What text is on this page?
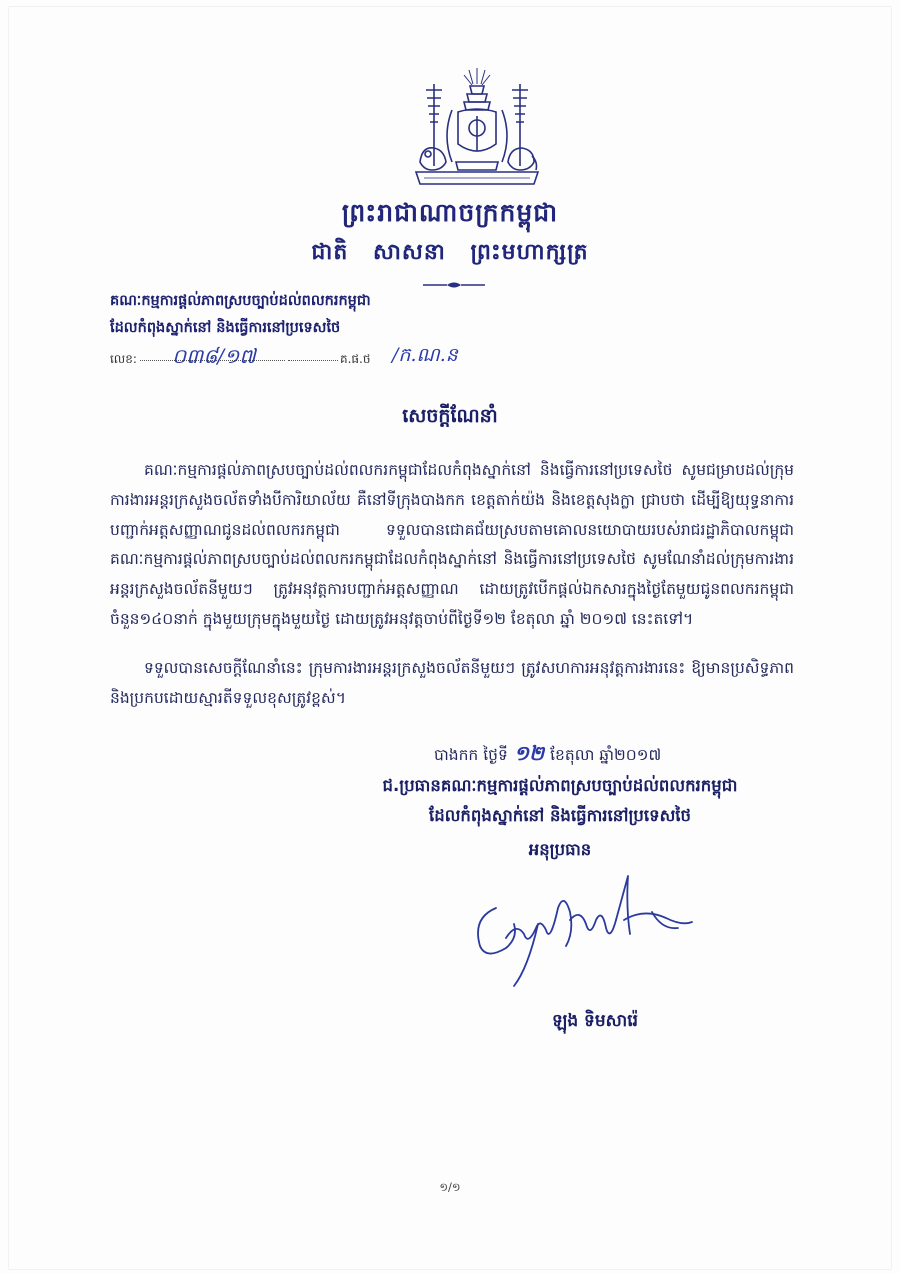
ព្រះរាជាណាចក្រកម្ពុជា
ជាតិ សាសនា ព្រះមហាក្សត្រ
គណៈកម្មការផ្ដល់ភាពស្របច្បាប់ដល់ពលករកម្ពុជា
ដែលកំពុងស្នាក់នៅ និងធ្វើការនៅប្រទេសថៃ
លេខ: ០៣៨/១៧	គ.ផ.ថ /ក.ណ.ន
សេចក្ដីណែនាំ
គណៈកម្មការផ្ដល់ភាពស្របច្បាប់ដល់ពលករកម្ពុជាដែលកំពុងស្នាក់នៅ និងធ្វើការនៅប្រទេសថៃ សូមជម្រាបដល់ក្រុមការងារអន្តរក្រសួងចល័តទាំងបីការិយាល័យ គឺនៅទីក្រុងបាងកក ខេត្តតាក់យ៉ង និងខេត្តសុងក្លា ជ្រាបថា ដើម្បីឱ្យយុទ្ធនាការបញ្ជាក់អត្តសញ្ញាណជូនដល់ពលករកម្ពុជា ទទួលបានជោគជ័យស្របតាមគោលនយោបាយរបស់រាជរដ្ឋាភិបាលកម្ពុជា គណៈកម្មការផ្ដល់ភាពស្របច្បាប់ដល់ពលករកម្ពុជាដែលកំពុងស្នាក់នៅ និងធ្វើការនៅប្រទេសថៃ សូមណែនាំដល់ក្រុមការងារអន្តរក្រសួងចល័តនីមួយៗ ត្រូវអនុវត្តការបញ្ជាក់អត្តសញ្ញាណ ដោយត្រូវបើកផ្ដល់ឯកសារក្នុងថ្ងៃតែមួយជូនពលករកម្ពុជា ចំនួន១៤០នាក់ ក្នុងមួយក្រុមក្នុងមួយថ្ងៃ ដោយត្រូវអនុវត្តចាប់ពីថ្ងៃទី១២ ខែតុលា ឆ្នាំ ២០១៧ នេះតទៅ។
ទទួលបានសេចក្ដីណែនាំនេះ ក្រុមការងារអន្តរក្រសួងចល័តនីមួយៗ ត្រូវសហការអនុវត្តការងារនេះ ឱ្យមានប្រសិទ្ធភាព និងប្រកបដោយស្មារតីទទួលខុសត្រូវខ្ពស់។
បាងកក ថ្ងៃទី ១២ ខែតុលា ឆ្នាំ២០១៧
ជ.ប្រធានគណៈកម្មការផ្ដល់ភាពស្របច្បាប់ដល់ពលករកម្ពុជា
ដែលកំពុងស្នាក់នៅ និងធ្វើការនៅប្រទេសថៃ
អនុប្រធាន
ឡុង ទិមសារ៉េ
១/១
